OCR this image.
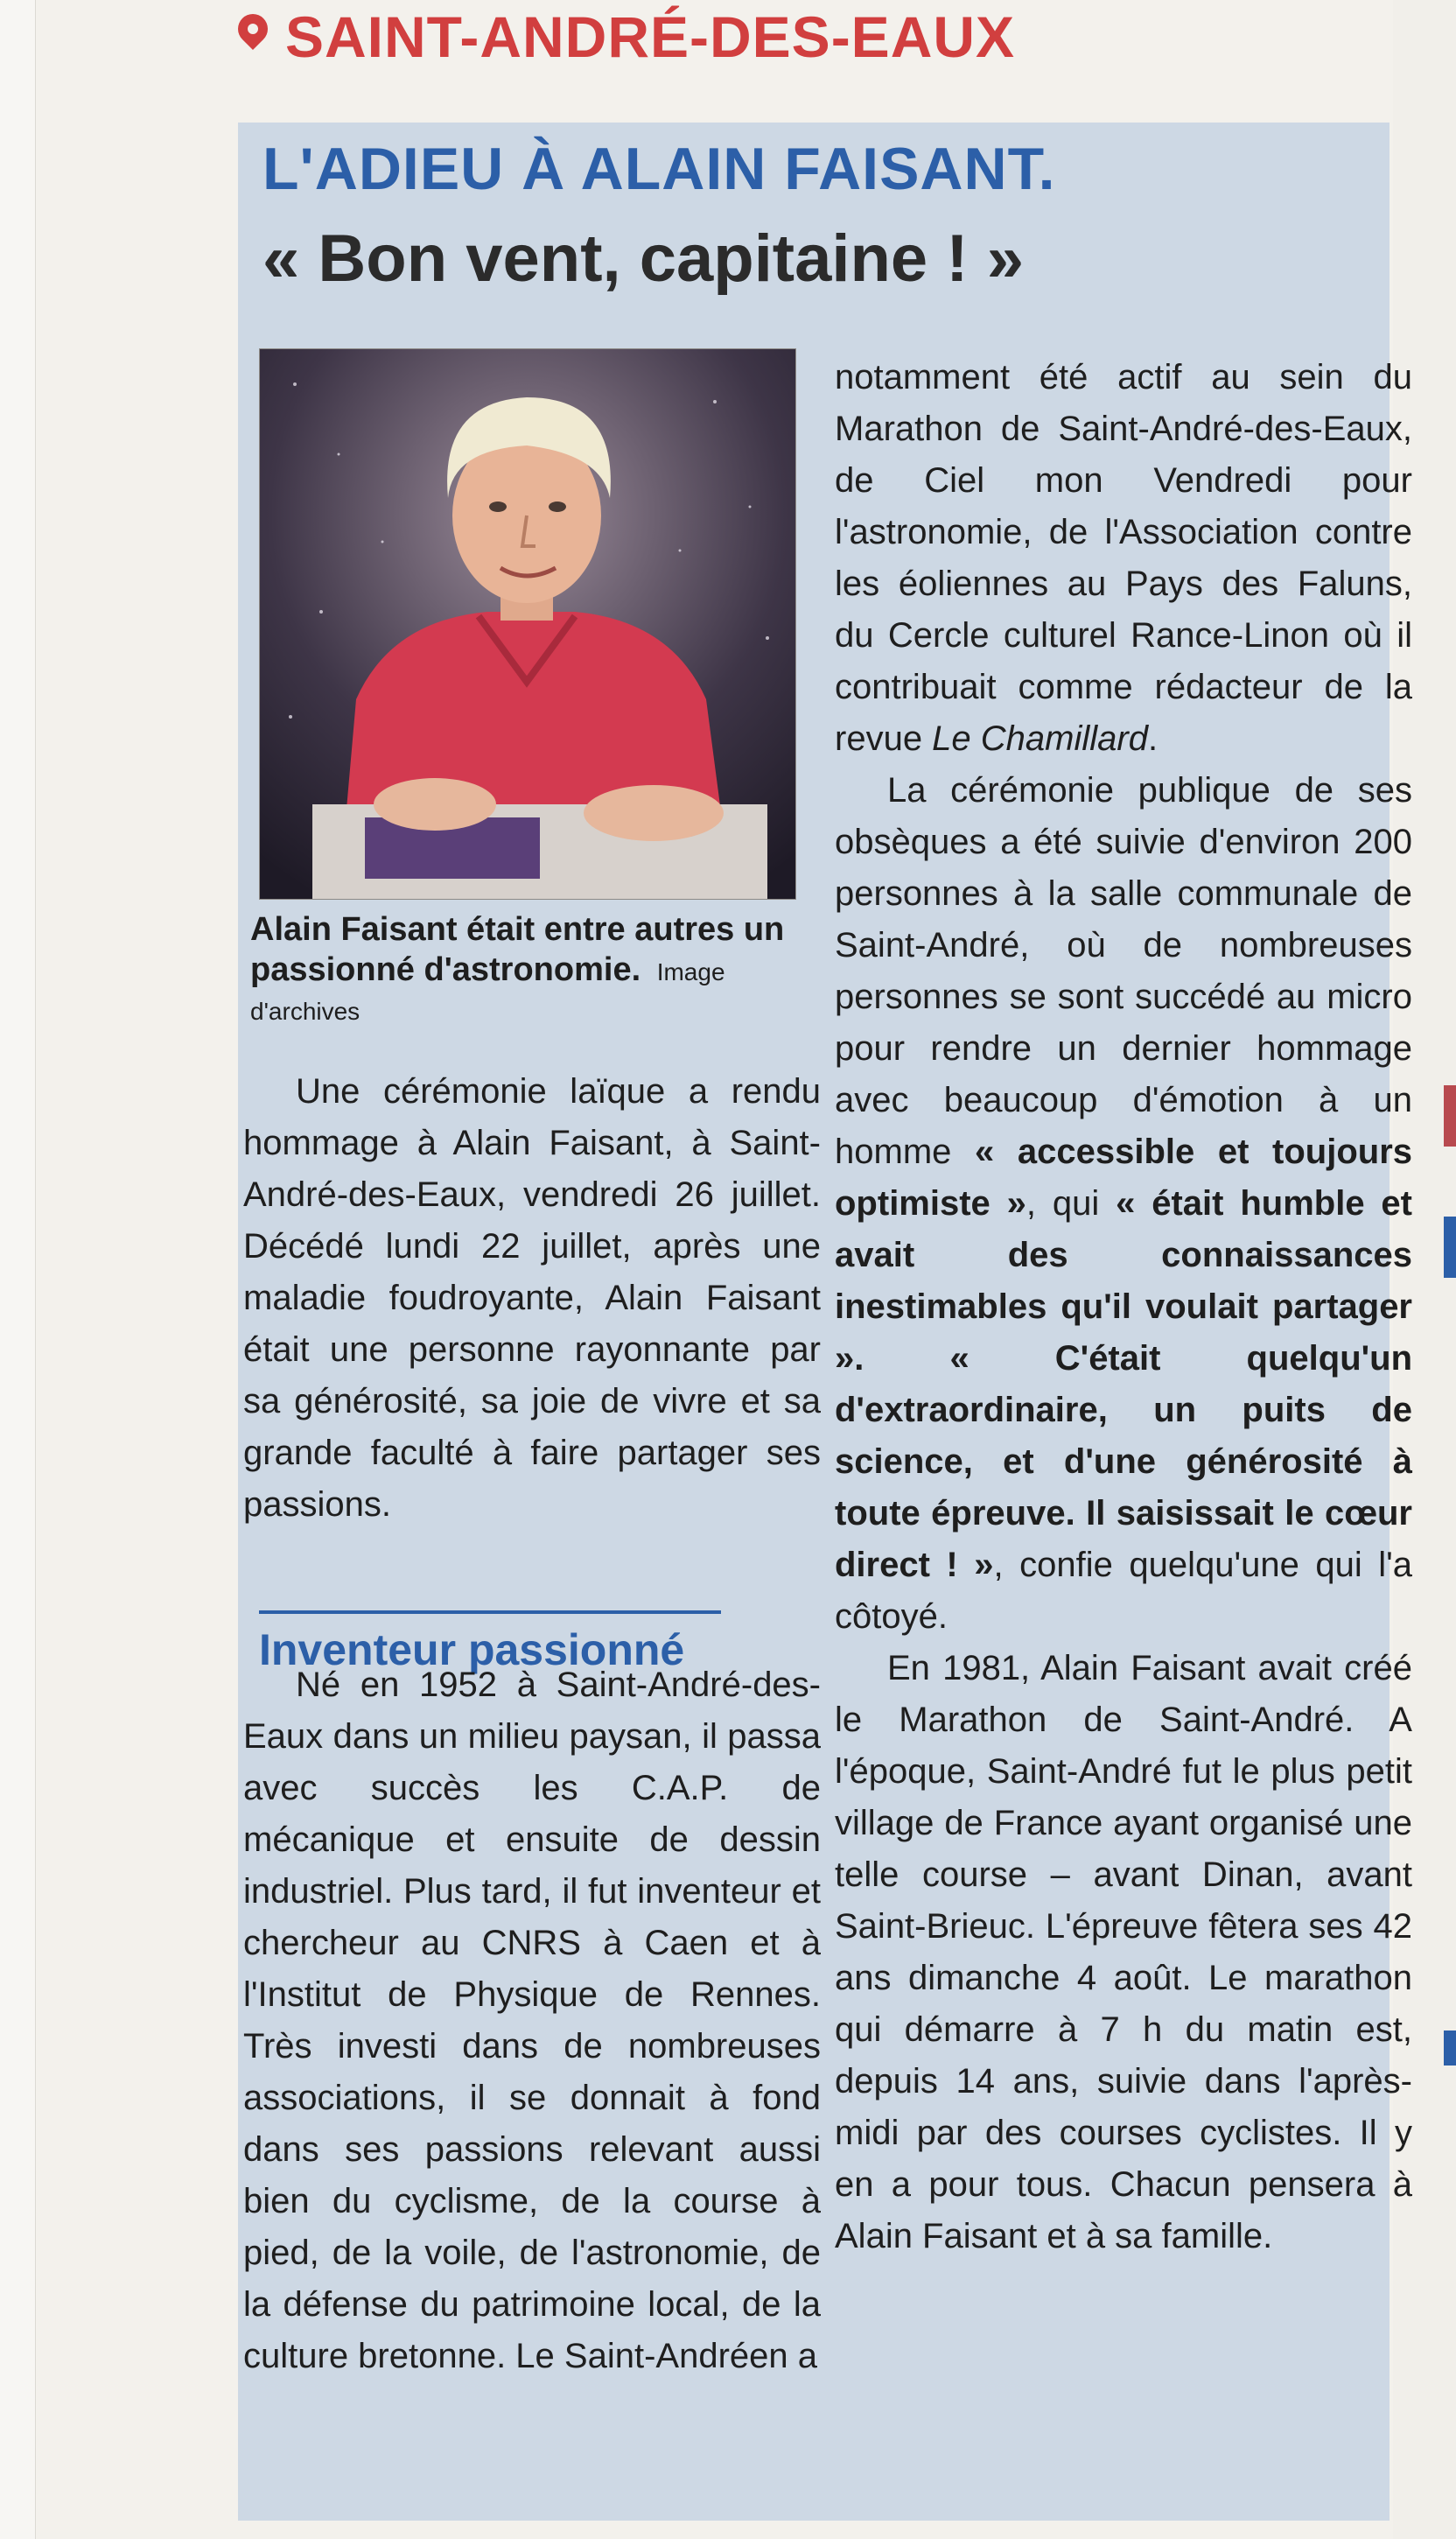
SAINT-ANDRÉ-DES-EAUX
L'ADIEU À ALAIN FAISANT.
« Bon vent, capitaine ! »
Alain Faisant était entre autres un passionné d'astronomie. Image d'archives

Une cérémonie laïque a rendu hommage à Alain Faisant, à Saint-André-des-Eaux, vendredi 26 juillet. Décédé lundi 22 juillet, après une maladie foudroyante, Alain Faisant était une personne rayonnante par sa générosité, sa joie de vivre et sa grande faculté à faire partager ses passions.

Inventeur passionné

Né en 1952 à Saint-André-des-Eaux dans un milieu paysan, il passa avec succès les C.A.P. de mécanique et ensuite de dessin industriel. Plus tard, il fut inventeur et chercheur au CNRS à Caen et à l'Institut de Physique de Rennes. Très investi dans de nombreuses associations, il se donnait à fond dans ses passions relevant aussi bien du cyclisme, de la course à pied, de la voile, de l'astronomie, de la défense du patrimoine local, de la culture bretonne. Le Saint-Andréen a

notamment été actif au sein du Marathon de Saint-André-des-Eaux, de Ciel mon Vendredi pour l'astronomie, de l'Association contre les éoliennes au Pays des Faluns, du Cercle culturel Rance-Linon où il contribuait comme rédacteur de la revue Le Chamillard.

La cérémonie publique de ses obsèques a été suivie d'environ 200 personnes à la salle communale de Saint-André, où de nombreuses personnes se sont succédé au micro pour rendre un dernier hommage avec beaucoup d'émotion à un homme « accessible et toujours optimiste », qui « était humble et avait des connaissances inestimables qu'il voulait partager ». « C'était quelqu'un d'extraordinaire, un puits de science, et d'une générosité à toute épreuve. Il saisissait le cœur direct ! », confie quelqu'une qui l'a côtoyé.

En 1981, Alain Faisant avait créé le Marathon de Saint-André. A l'époque, Saint-André fut le plus petit village de France ayant organisé une telle course – avant Dinan, avant Saint-Brieuc. L'épreuve fêtera ses 42 ans dimanche 4 août. Le marathon qui démarre à 7 h du matin est, depuis 14 ans, suivie dans l'après-midi par des courses cyclistes. Il y en a pour tous. Chacun pensera à Alain Faisant et à sa famille.
